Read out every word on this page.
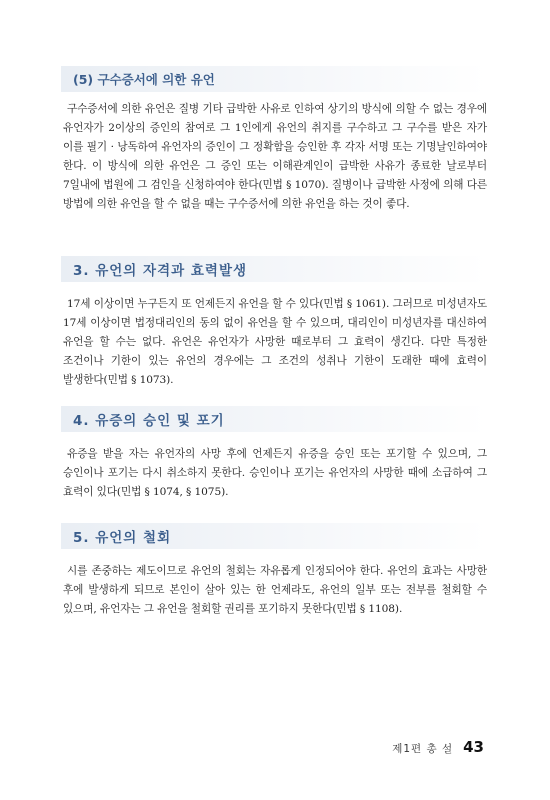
(5) 구수증서에 의한 유언

구수증서에 의한 유언은 질병 기타 급박한 사유로 인하여 상기의 방식에 의할 수 없는 경우에 유언자가 2이상의 증인의 참여로 그 1인에게 유언의 취지를 구수하고 그 구수를 받은 자가 이를 필기 · 낭독하여 유언자의 증인이 그 정확함을 승인한 후 각자 서명 또는 기명날인하여야 한다. 이 방식에 의한 유언은 그 증인 또는 이해관계인이 급박한 사유가 종료한 날로부터 7일내에 법원에 그 검인을 신청하여야 한다(민법 § 1070). 질병이나 급박한 사정에 의해 다른 방법에 의한 유언을 할 수 없을 때는 구수증서에 의한 유언을 하는 것이 좋다.

3. 유언의 자격과 효력발생

17세 이상이면 누구든지 또 언제든지 유언을 할 수 있다(민법 § 1061). 그러므로 미성년자도 17세 이상이면 법정대리인의 동의 없이 유언을 할 수 있으며, 대리인이 미성년자를 대신하여 유언을 할 수는 없다. 유언은 유언자가 사망한 때로부터 그 효력이 생긴다. 다만 특정한 조건이나 기한이 있는 유언의 경우에는 그 조건의 성취나 기한이 도래한 때에 효력이 발생한다(민법 § 1073).

4. 유증의 승인 및 포기

유증을 받을 자는 유언자의 사망 후에 언제든지 유증을 승인 또는 포기할 수 있으며, 그 승인이나 포기는 다시 취소하지 못한다. 승인이나 포기는 유언자의 사망한 때에 소급하여 그 효력이 있다(민법 § 1074, § 1075).

5. 유언의 철회

시를 존중하는 제도이므로 유언의 철회는 자유롭게 인정되어야 한다. 유언의 효과는 사망한 후에 발생하게 되므로 본인이 살아 있는 한 언제라도, 유언의 일부 또는 전부를 철회할 수 있으며, 유언자는 그 유언을 철회할 권리를 포기하지 못한다(민법 § 1108).

제1편 총 설 43
